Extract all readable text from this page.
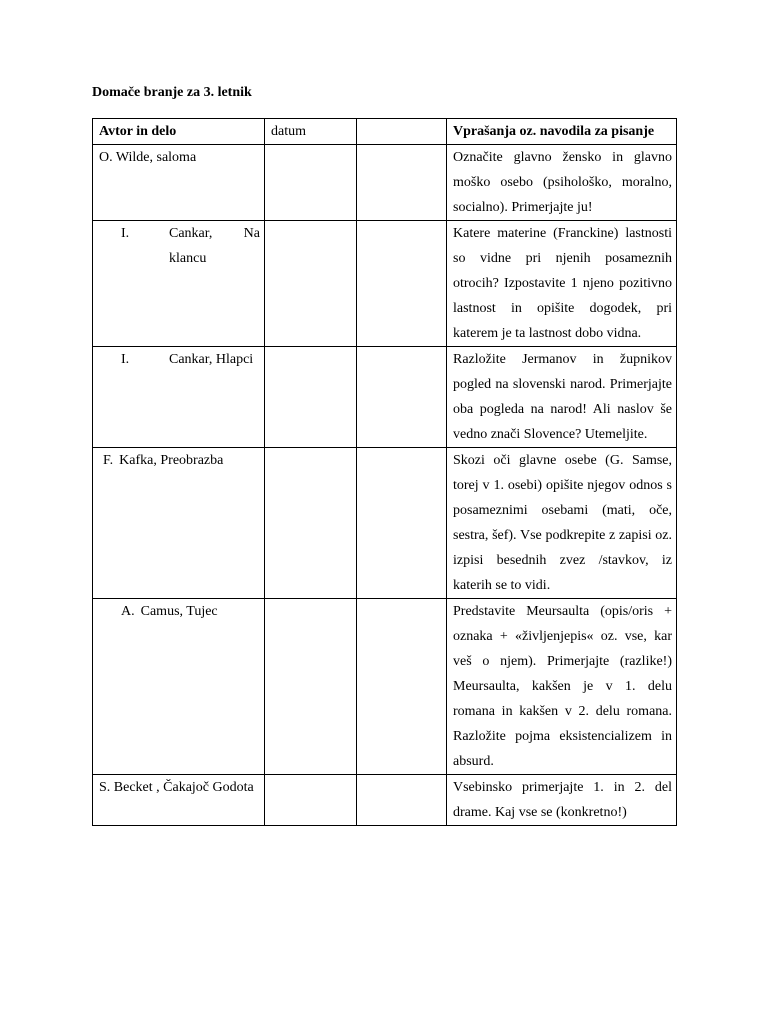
Domače branje za 3. letnik
Avtor in delo	datum		Vprašanja oz. navodila za pisanje
O. Wilde, saloma			Označite glavno žensko in glavno moško osebo (psihološko, moralno, socialno). Primerjajte ju!

I. Cankar, Na klancu			Katere materine (Franckine) lastnosti so vidne pri njenih posameznih otrocih? Izpostavite 1 njeno pozitivno lastnost in opišite dogodek, pri katerem je ta lastnost dobo vidna.

I. Cankar, Hlapci			Razložite Jermanov in župnikov pogled na slovenski narod. Primerjajte oba pogleda na narod! Ali naslov še vedno znači Slovence? Utemeljite.

F. Kafka, Preobrazba			Skozi oči glavne osebe (G. Samse, torej v 1. osebi) opišite njegov odnos s posameznimi osebami (mati, oče, sestra, šef). Vse podkrepite z zapisi oz. izpisi besednih zvez /stavkov, iz katerih se to vidi.

A. Camus, Tujec			Predstavite Meursaulta (opis/oris + oznaka + «življenjepis« oz. vse, kar veš o njem). Primerjajte (razlike!) Meursaulta, kakšen je v 1. delu romana in kakšen v 2. delu romana. Razložite pojma eksistencializem in absurd.
S. Becket , Čakajoč Godota			Vsebinsko primerjajte 1. in 2. del drame. Kaj vse se (konkretno!)
